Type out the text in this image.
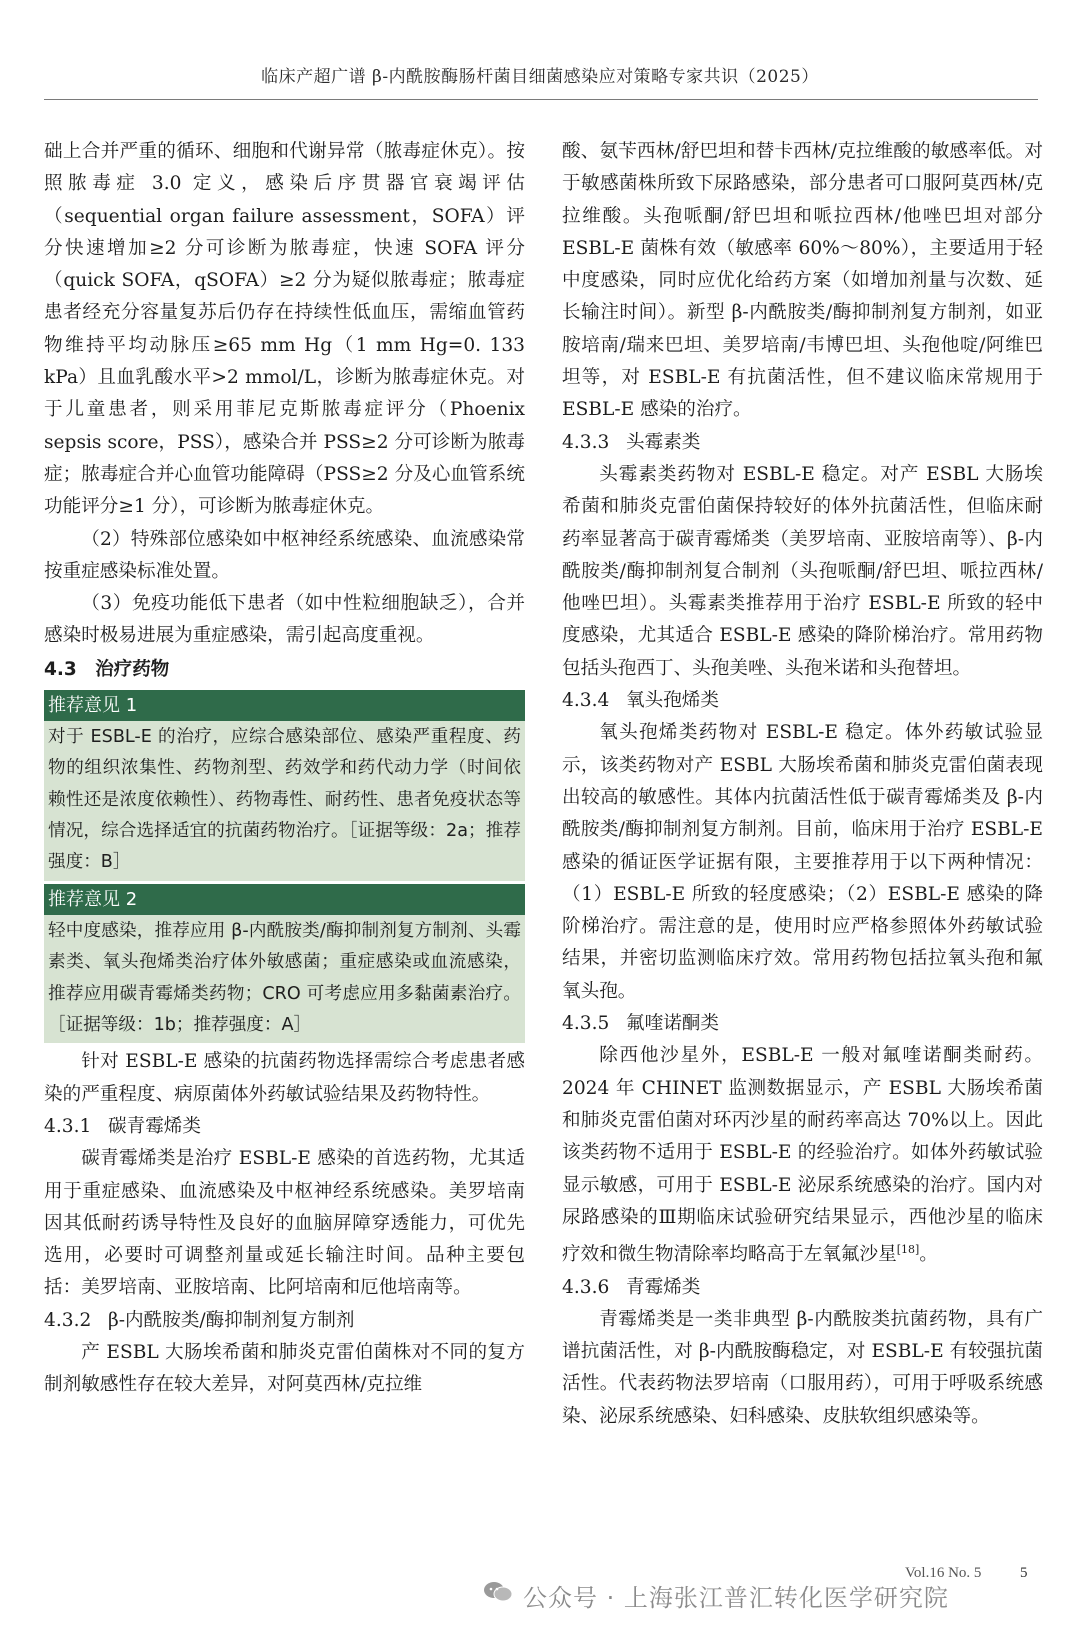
临床产超广谱 β-内酰胺酶肠杆菌目细菌感染应对策略专家共识（2025）

础上合并严重的循环、细胞和代谢异常（脓毒症休克）。按照脓毒症 3.0 定义，感染后序贯器官衰竭评估（sequential organ failure assessment，SOFA）评分快速增加≥2 分可诊断为脓毒症，快速 SOFA 评分（quick SOFA，qSOFA）≥2 分为疑似脓毒症；脓毒症患者经充分容量复苏后仍存在持续性低血压，需缩血管药物维持平均动脉压≥65 mm Hg（1 mm Hg=0. 133 kPa）且血乳酸水平>2 mmol/L，诊断为脓毒症休克。对于儿童患者，则采用菲尼克斯脓毒症评分（Phoenix sepsis score，PSS），感染合并 PSS≥2 分可诊断为脓毒症；脓毒症合并心血管功能障碍（PSS≥2 分及心血管系统功能评分≥1 分），可诊断为脓毒症休克。

（2）特殊部位感染如中枢神经系统感染、血流感染常按重症感染标准处置。

（3）免疫功能低下患者（如中性粒细胞缺乏），合并感染时极易进展为重症感染，需引起高度重视。

4.3　治疗药物

推荐意见 1
对于 ESBL-E 的治疗，应综合感染部位、感染严重程度、药物的组织浓集性、药物剂型、药效学和药代动力学（时间依赖性还是浓度依赖性）、药物毒性、耐药性、患者免疫状态等情况，综合选择适宜的抗菌药物治疗。［证据等级：2a；推荐强度：B］
推荐意见 2
轻中度感染，推荐应用 β-内酰胺类/酶抑制剂复方制剂、头霉素类、氧头孢烯类治疗体外敏感菌；重症感染或血流感染，推荐应用碳青霉烯类药物；CRO 可考虑应用多黏菌素治疗。［证据等级：1b；推荐强度：A］

针对 ESBL-E 感染的抗菌药物选择需综合考虑患者感染的严重程度、病原菌体外药敏试验结果及药物特性。

4.3.1 碳青霉烯类

碳青霉烯类是治疗 ESBL-E 感染的首选药物，尤其适用于重症感染、血流感染及中枢神经系统感染。美罗培南因其低耐药诱导特性及良好的血脑屏障穿透能力，可优先选用，必要时可调整剂量或延长输注时间。品种主要包括：美罗培南、亚胺培南、比阿培南和厄他培南等。

4.3.2 β-内酰胺类/酶抑制剂复方制剂

产 ESBL 大肠埃希菌和肺炎克雷伯菌株对不同的复方制剂敏感性存在较大差异，对阿莫西林/克拉维

酸、氨苄西林/舒巴坦和替卡西林/克拉维酸的敏感率低。对于敏感菌株所致下尿路感染，部分患者可口服阿莫西林/克拉维酸。头孢哌酮/舒巴坦和哌拉西林/他唑巴坦对部分 ESBL-E 菌株有效（敏感率 60%～80%），主要适用于轻中度感染，同时应优化给药方案（如增加剂量与次数、延长输注时间）。新型 β-内酰胺类/酶抑制剂复方制剂，如亚胺培南/瑞来巴坦、美罗培南/韦博巴坦、头孢他啶/阿维巴坦等，对 ESBL-E 有抗菌活性，但不建议临床常规用于 ESBL-E 感染的治疗。

4.3.3 头霉素类

头霉素类药物对 ESBL-E 稳定。对产 ESBL 大肠埃希菌和肺炎克雷伯菌保持较好的体外抗菌活性，但临床耐药率显著高于碳青霉烯类（美罗培南、亚胺培南等）、β-内酰胺类/酶抑制剂复合制剂（头孢哌酮/舒巴坦、哌拉西林/他唑巴坦）。头霉素类推荐用于治疗 ESBL-E 所致的轻中度感染，尤其适合 ESBL-E 感染的降阶梯治疗。常用药物包括头孢西丁、头孢美唑、头孢米诺和头孢替坦。

4.3.4 氧头孢烯类

氧头孢烯类药物对 ESBL-E 稳定。体外药敏试验显示，该类药物对产 ESBL 大肠埃希菌和肺炎克雷伯菌表现出较高的敏感性。其体内抗菌活性低于碳青霉烯类及 β-内酰胺类/酶抑制剂复方制剂。目前，临床用于治疗 ESBL-E 感染的循证医学证据有限，主要推荐用于以下两种情况：（1）ESBL-E 所致的轻度感染；（2）ESBL-E 感染的降阶梯治疗。需注意的是，使用时应严格参照体外药敏试验结果，并密切监测临床疗效。常用药物包括拉氧头孢和氟氧头孢。

4.3.5 氟喹诺酮类

除西他沙星外，ESBL-E 一般对氟喹诺酮类耐药。2024 年 CHINET 监测数据显示，产 ESBL 大肠埃希菌和肺炎克雷伯菌对环丙沙星的耐药率高达 70%以上。因此该类药物不适用于 ESBL-E 的经验治疗。如体外药敏试验显示敏感，可用于 ESBL-E 泌尿系统感染的治疗。国内对尿路感染的Ⅲ期临床试验研究结果显示，西他沙星的临床疗效和微生物清除率均略高于左氧氟沙星[18]。

4.3.6 青霉烯类

青霉烯类是一类非典型 β-内酰胺类抗菌药物，具有广谱抗菌活性，对 β-内酰胺酶稳定，对 ESBL-E 有较强抗菌活性。代表药物法罗培南（口服用药），可用于呼吸系统感染、泌尿系统感染、妇科感染、皮肤软组织感染等。

公众号 · 上海张江普汇转化医学研究院
Vol.16 No. 5	5
